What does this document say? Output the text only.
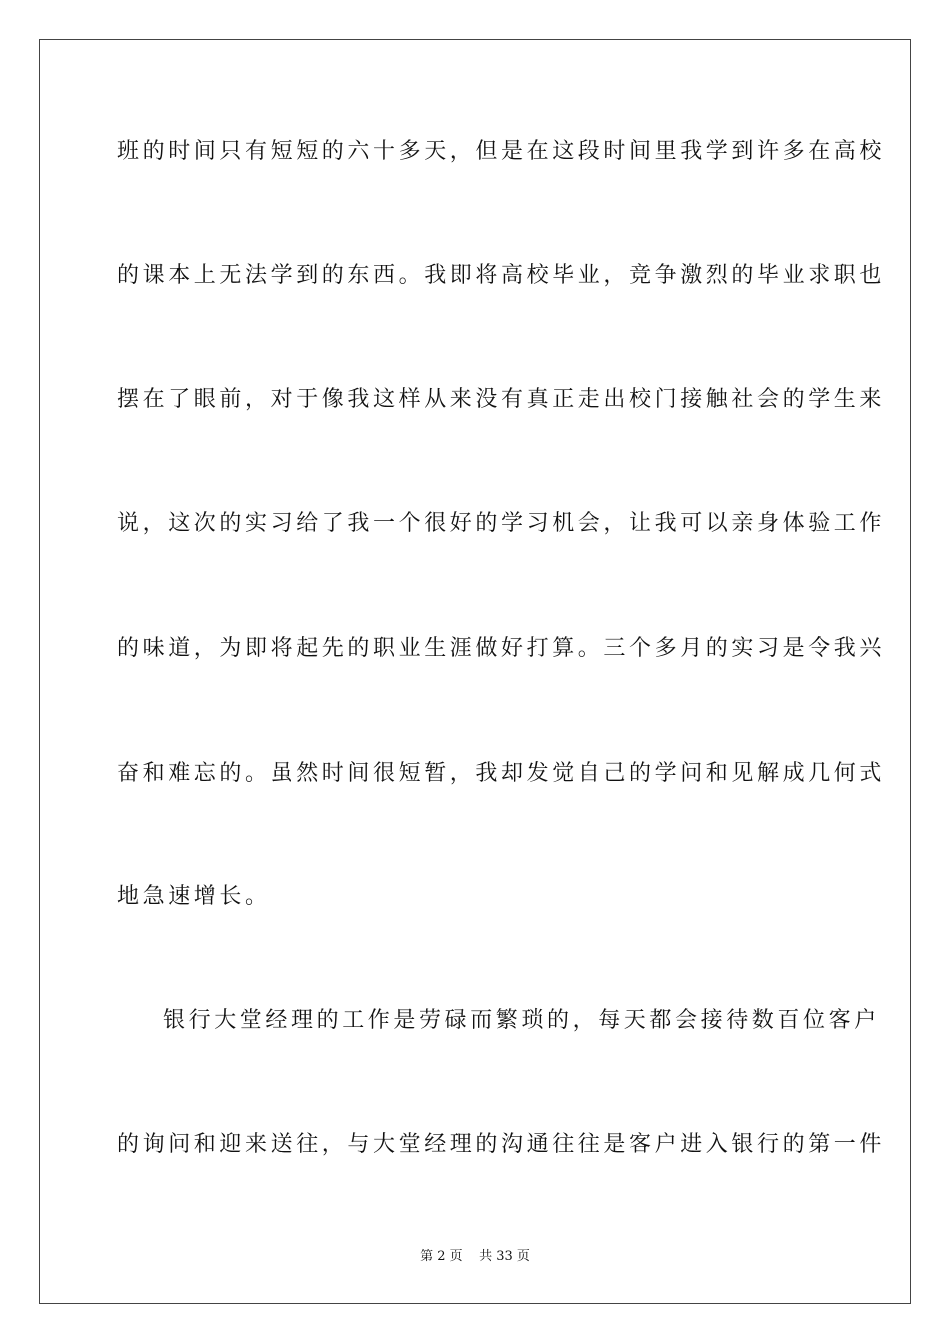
班的时间只有短短的六十多天，但是在这段时间里我学到许多在高校
的课本上无法学到的东西。我即将高校毕业，竞争激烈的毕业求职也
摆在了眼前，对于像我这样从来没有真正走出校门接触社会的学生来
说，这次的实习给了我一个很好的学习机会，让我可以亲身体验工作
的味道，为即将起先的职业生涯做好打算。三个多月的实习是令我兴
奋和难忘的。虽然时间很短暂，我却发觉自己的学问和见解成几何式
地急速增长。
银行大堂经理的工作是劳碌而繁琐的，每天都会接待数百位客户
的询问和迎来送往，与大堂经理的沟通往往是客户进入银行的第一件
第 2 页    共 33 页
